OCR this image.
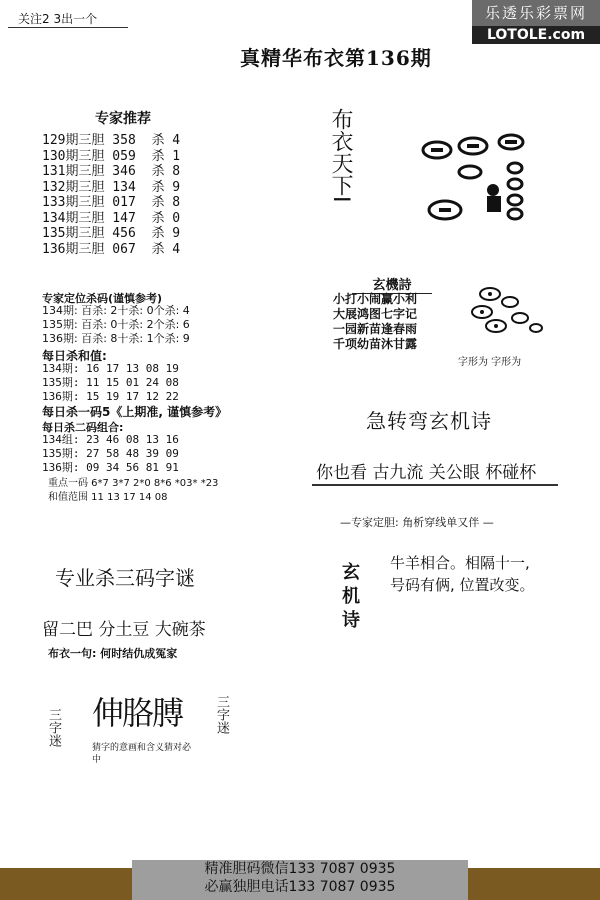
关注2 3出一个	乐透乐彩票网
LOTOLE.com
真精华布衣第136期
专家推荐
129期三胆 358  杀 4
130期三胆 059  杀 1
131期三胆 346  杀 8
132期三胆 134  杀 9
133期三胆 017  杀 8
134期三胆 147  杀 0
135期三胆 456  杀 9
136期三胆 067  杀 4
专家定位杀码(谨慎参考)
134期: 百杀: 2十杀: 0个杀: 4
135期: 百杀: 0十杀: 2个杀: 6
136期: 百杀: 8十杀: 1个杀: 9
每日杀和值:
134期: 16 17 13 08 19
135期: 11 15 01 24 08
136期: 15 19 17 12 22
每日杀一码5《上期准, 谨慎参考》
每日杀二码组合:
134组: 23 46 08 13 16
135期: 27 58 48 39 09
136期: 09 34 56 81 91
重点一码 6*7 3*7 2*0 8*6 *03* *23
和值范围 11 13 17 14 08
专业杀三码字谜
留二巴 分土豆 大碗茶
布衣一句: 何时结仇成冤家
三字迷 伸胳膊 三字迷
猜字的意画和含义猜对必中
布衣天下I
玄機詩
小打小闹赢小利
大展鸿图七字记
一园新苗逢春雨
千项幼苗沐甘露
字形为 字形为
急转弯玄机诗
你也看 古九流 关公眼 杯碰杯
—专家定胆: 角析穿线单又伴 —
玄机诗 牛羊相合。相隔十一,
号码有俩, 位置改变。
精准胆码微信133 7087 0935
必赢独胆电话133 7087 0935
